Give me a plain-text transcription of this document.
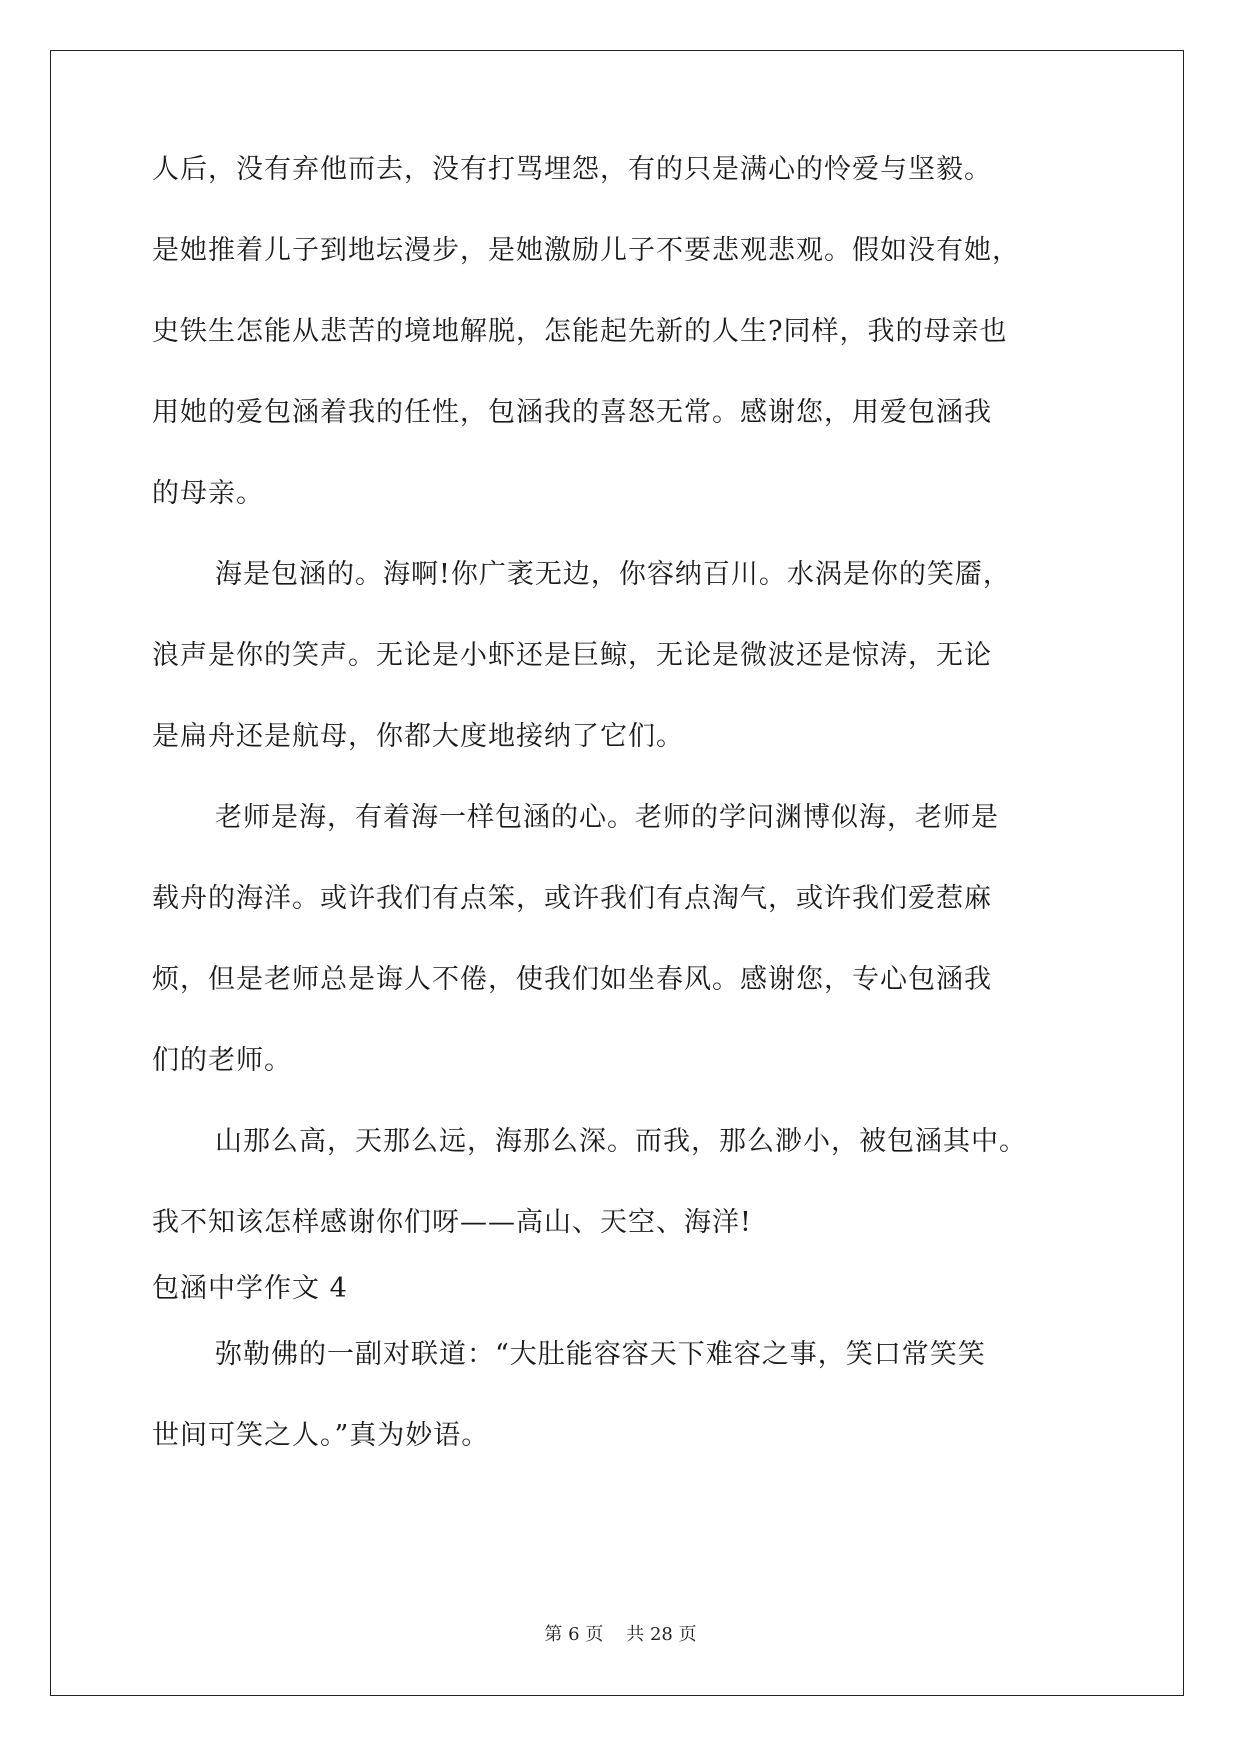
人后，没有弃他而去，没有打骂埋怨，有的只是满心的怜爱与坚毅。
是她推着儿子到地坛漫步，是她激励儿子不要悲观悲观。假如没有她，
史铁生怎能从悲苦的境地解脱，怎能起先新的人生?同样，我的母亲也
用她的爱包涵着我的任性，包涵我的喜怒无常。感谢您，用爱包涵我
的母亲。
海是包涵的。海啊!你广袤无边，你容纳百川。水涡是你的笑靥，
浪声是你的笑声。无论是小虾还是巨鲸，无论是微波还是惊涛，无论
是扁舟还是航母，你都大度地接纳了它们。
老师是海，有着海一样包涵的心。老师的学问渊博似海，老师是
载舟的海洋。或许我们有点笨，或许我们有点淘气，或许我们爱惹麻
烦，但是老师总是诲人不倦，使我们如坐春风。感谢您，专心包涵我
们的老师。
山那么高，天那么远，海那么深。而我，那么渺小，被包涵其中。
我不知该怎样感谢你们呀——高山、天空、海洋!
包涵中学作文 4
弥勒佛的一副对联道：“大肚能容容天下难容之事，笑口常笑笑
世间可笑之人。”真为妙语。
第 6 页 共 28 页
